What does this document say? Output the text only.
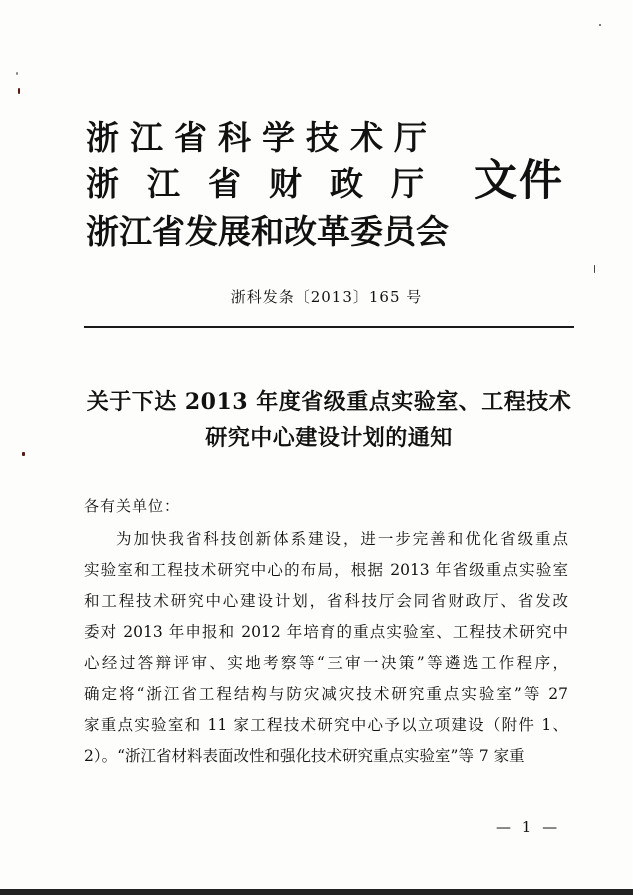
浙江省科学技术厅
浙江省财政厅
浙江省发展和改革委员会
文件
浙科发条〔2013〕165 号
关于下达 2013 年度省级重点实验室、工程技术
研究中心建设计划的通知
各有关单位：
为加快我省科技创新体系建设，进一步完善和优化省级重点
实验室和工程技术研究中心的布局，根据 2013 年省级重点实验室
和工程技术研究中心建设计划，省科技厅会同省财政厅、省发改
委对 2013 年申报和 2012 年培育的重点实验室、工程技术研究中
心经过答辩评审、实地考察等“三审一决策”等遴选工作程序，
确定将“浙江省工程结构与防灾减灾技术研究重点实验室”等 27
家重点实验室和 11 家工程技术研究中心予以立项建设（附件 1、
2）。“浙江省材料表面改性和强化技术研究重点实验室”等 7 家重
— 1 —
